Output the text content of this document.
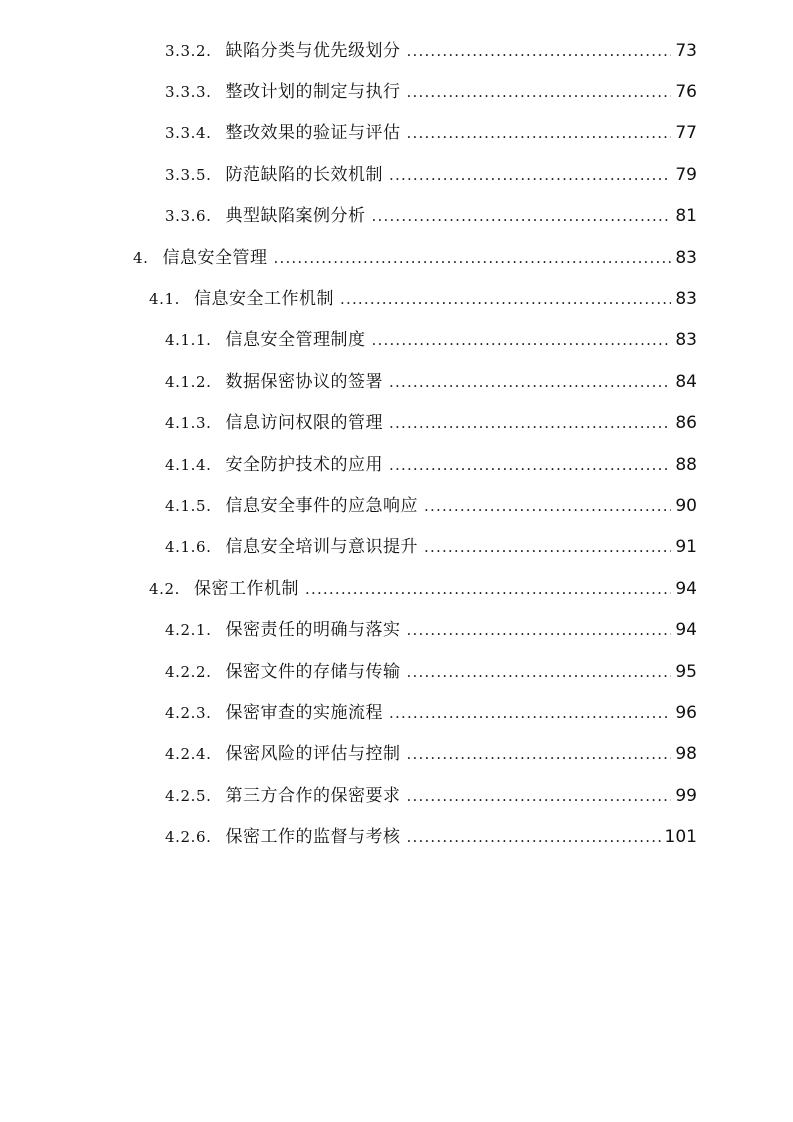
3.3.2. 缺陷分类与优先级划分 .....	73
3.3.3. 整改计划的制定与执行 .....	76
3.3.4. 整改效果的验证与评估 .....	77
3.3.5. 防范缺陷的长效机制 .....	79
3.3.6. 典型缺陷案例分析 .....	81
4. 信息安全管理 .....	83
4.1. 信息安全工作机制 .....	83
4.1.1. 信息安全管理制度 .....	83
4.1.2. 数据保密协议的签署 .....	84
4.1.3. 信息访问权限的管理 .....	86
4.1.4. 安全防护技术的应用 .....	88
4.1.5. 信息安全事件的应急响应 .....	90
4.1.6. 信息安全培训与意识提升 .....	91
4.2. 保密工作机制 .....	94
4.2.1. 保密责任的明确与落实 .....	94
4.2.2. 保密文件的存储与传输 .....	95
4.2.3. 保密审查的实施流程 .....	96
4.2.4. 保密风险的评估与控制 .....	98
4.2.5. 第三方合作的保密要求 .....	99
4.2.6. 保密工作的监督与考核 .....	101
